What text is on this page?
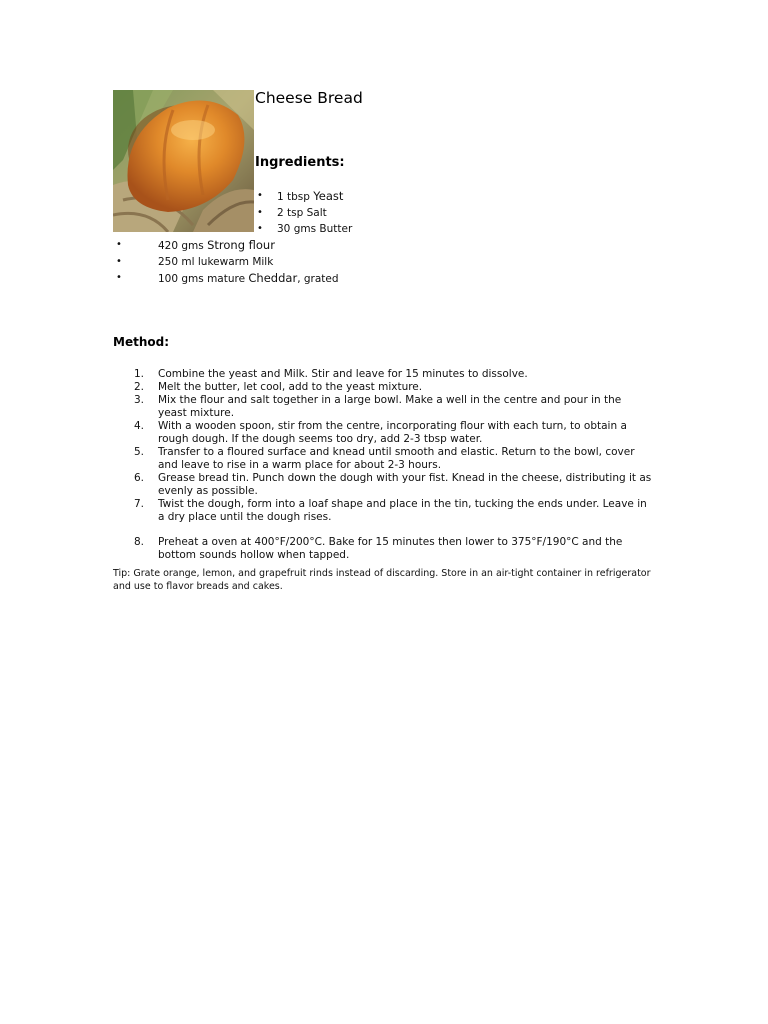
Cheese Bread
Ingredients:
• 1 tbsp Yeast
• 2 tsp Salt
• 30 gms Butter
•	420 gms Strong flour
•	250 ml lukewarm Milk
•	100 gms mature Cheddar, grated
Method:
1. Combine the yeast and Milk. Stir and leave for 15 minutes to dissolve.
2. Melt the butter, let cool, add to the yeast mixture.
3. Mix the flour and salt together in a large bowl. Make a well in the centre and pour in the yeast mixture.
4. With a wooden spoon, stir from the centre, incorporating flour with each turn, to obtain a rough dough. If the dough seems too dry, add 2-3 tbsp water.
5. Transfer to a floured surface and knead until smooth and elastic. Return to the bowl, cover and leave to rise in a warm place for about 2-3 hours.
6. Grease bread tin. Punch down the dough with your fist. Knead in the cheese, distributing it as evenly as possible.
7. Twist the dough, form into a loaf shape and place in the tin, tucking the ends under. Leave in a dry place until the dough rises.
8. Preheat a oven at 400°F/200°C. Bake for 15 minutes then lower to 375°F/190°C and the bottom sounds hollow when tapped.

Tip: Grate orange, lemon, and grapefruit rinds instead of discarding. Store in an air-tight container in refrigerator and use to flavor breads and cakes.
